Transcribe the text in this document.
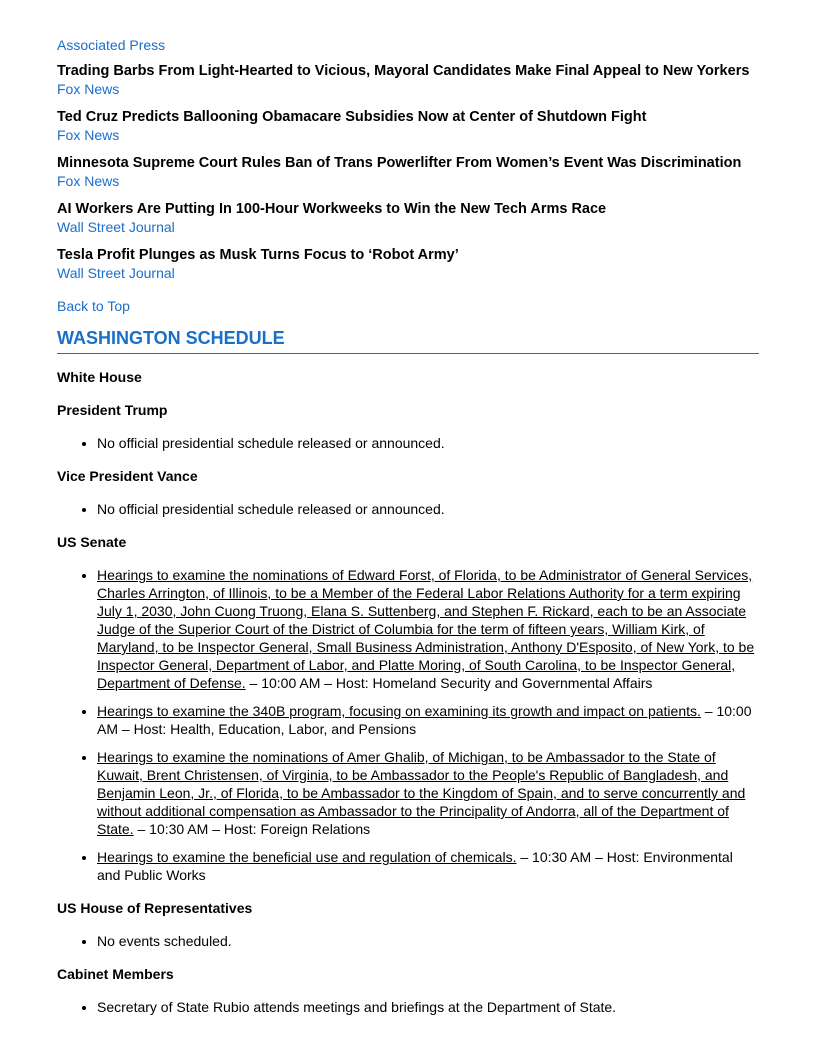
Associated Press
Trading Barbs From Light-Hearted to Vicious, Mayoral Candidates Make Final Appeal to New Yorkers
Fox News
Ted Cruz Predicts Ballooning Obamacare Subsidies Now at Center of Shutdown Fight
Fox News
Minnesota Supreme Court Rules Ban of Trans Powerlifter From Women’s Event Was Discrimination
Fox News
AI Workers Are Putting In 100-Hour Workweeks to Win the New Tech Arms Race
Wall Street Journal
Tesla Profit Plunges as Musk Turns Focus to ‘Robot Army’
Wall Street Journal
Back to Top
WASHINGTON SCHEDULE
White House
President Trump
• No official presidential schedule released or announced.
Vice President Vance
• No official presidential schedule released or announced.
US Senate
• Hearings to examine the nominations of Edward Forst, of Florida, to be Administrator of General Services, Charles Arrington, of Illinois, to be a Member of the Federal Labor Relations Authority for a term expiring July 1, 2030, John Cuong Truong, Elana S. Suttenberg, and Stephen F. Rickard, each to be an Associate Judge of the Superior Court of the District of Columbia for the term of fifteen years, William Kirk, of Maryland, to be Inspector General, Small Business Administration, Anthony D'Esposito, of New York, to be Inspector General, Department of Labor, and Platte Moring, of South Carolina, to be Inspector General, Department of Defense. – 10:00 AM – Host: Homeland Security and Governmental Affairs
• Hearings to examine the 340B program, focusing on examining its growth and impact on patients. – 10:00 AM – Host: Health, Education, Labor, and Pensions
• Hearings to examine the nominations of Amer Ghalib, of Michigan, to be Ambassador to the State of Kuwait, Brent Christensen, of Virginia, to be Ambassador to the People's Republic of Bangladesh, and Benjamin Leon, Jr., of Florida, to be Ambassador to the Kingdom of Spain, and to serve concurrently and without additional compensation as Ambassador to the Principality of Andorra, all of the Department of State. – 10:30 AM – Host: Foreign Relations
• Hearings to examine the beneficial use and regulation of chemicals. – 10:30 AM – Host: Environmental and Public Works
US House of Representatives
• No events scheduled.
Cabinet Members
• Secretary of State Rubio attends meetings and briefings at the Department of State.
